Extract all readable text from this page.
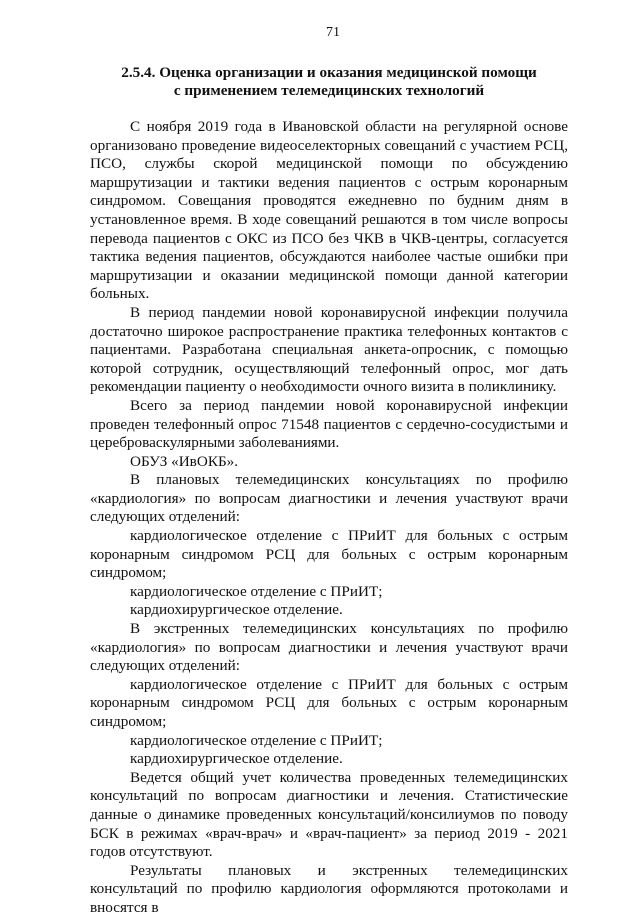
71
2.5.4. Оценка организации и оказания медицинской помощи
с применением телемедицинских технологий

С ноября 2019 года в Ивановской области на регулярной основе организовано проведение видеоселекторных совещаний с участием РСЦ, ПСО, службы скорой медицинской помощи по обсуждению маршрутизации и тактики ведения пациентов с острым коронарным синдромом. Совещания проводятся ежедневно по будним дням в установленное время. В ходе совещаний решаются в том числе вопросы перевода пациентов с ОКС из ПСО без ЧКВ в ЧКВ-центры, согласуется тактика ведения пациентов, обсуждаются наиболее частые ошибки при маршрутизации и оказании медицинской помощи данной категории больных.

В период пандемии новой коронавирусной инфекции получила достаточно широкое распространение практика телефонных контактов с пациентами. Разработана специальная анкета-опросник, с помощью которой сотрудник, осуществляющий телефонный опрос, мог дать рекомендации пациенту о необходимости очного визита в поликлинику.

Всего за период пандемии новой коронавирусной инфекции проведен телефонный опрос 71548 пациентов с сердечно-сосудистыми и цереброваскулярными заболеваниями.

ОБУЗ «ИвОКБ».

В плановых телемедицинских консультациях по профилю «кардиология» по вопросам диагностики и лечения участвуют врачи следующих отделений:

кардиологическое отделение с ПРиИТ для больных с острым коронарным синдромом РСЦ для больных с острым коронарным синдромом;

кардиологическое отделение с ПРиИТ;

кардиохирургическое отделение.

В экстренных телемедицинских консультациях по профилю «кардиология» по вопросам диагностики и лечения участвуют врачи следующих отделений:

кардиологическое отделение с ПРиИТ для больных с острым коронарным синдромом РСЦ для больных с острым коронарным синдромом;

кардиологическое отделение с ПРиИТ;

кардиохирургическое отделение.

Ведется общий учет количества проведенных телемедицинских консультаций по вопросам диагностики и лечения. Статистические данные о динамике проведенных консультаций/консилиумов по поводу БСК в режимах «врач-врач» и «врач-пациент» за период 2019 - 2021 годов отсутствуют.

Результаты плановых и экстренных телемедицинских консультаций по профилю кардиология оформляются протоколами и вносятся в
